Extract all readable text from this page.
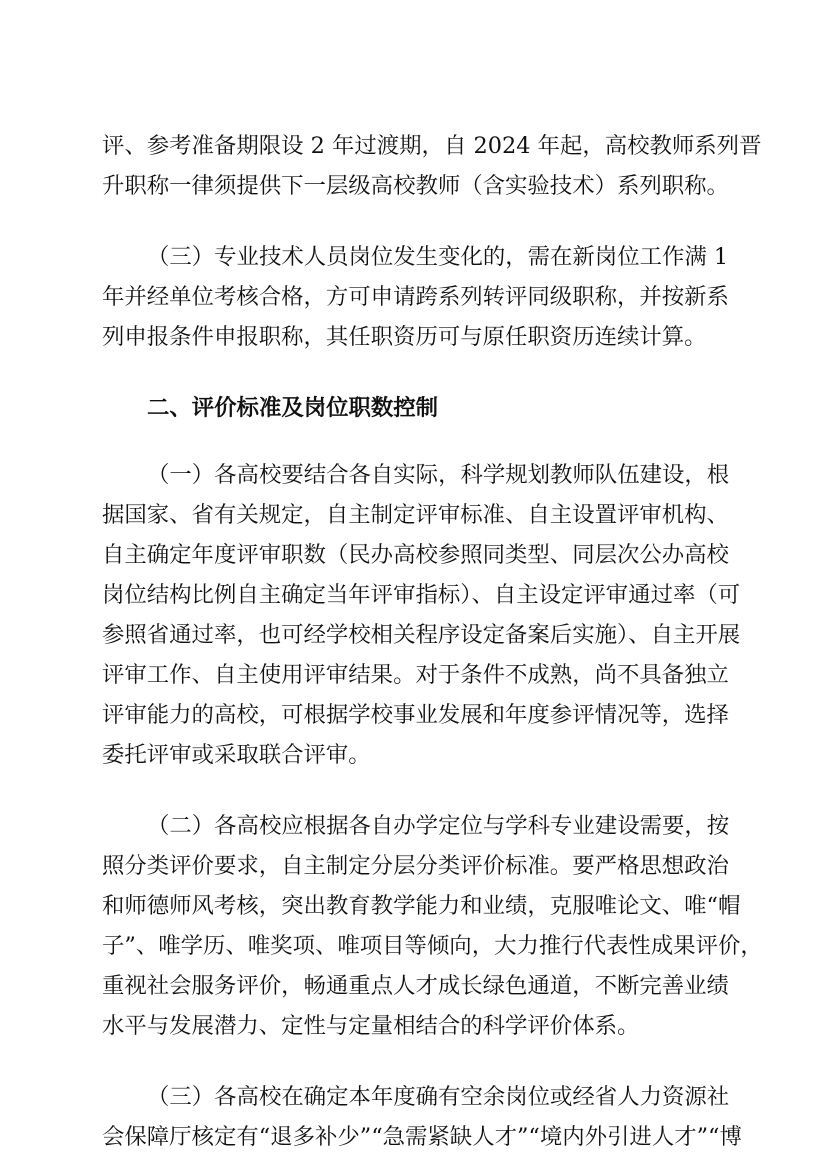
评、参考准备期限设 2 年过渡期，自 2024 年起，高校教师系列晋
升职称一律须提供下一层级高校教师（含实验技术）系列职称。
（三）专业技术人员岗位发生变化的，需在新岗位工作满 1
年并经单位考核合格，方可申请跨系列转评同级职称，并按新系
列申报条件申报职称，其任职资历可与原任职资历连续计算。
二、评价标准及岗位职数控制
（一）各高校要结合各自实际，科学规划教师队伍建设，根
据国家、省有关规定，自主制定评审标准、自主设置评审机构、
自主确定年度评审职数（民办高校参照同类型、同层次公办高校
岗位结构比例自主确定当年评审指标）、自主设定评审通过率（可
参照省通过率，也可经学校相关程序设定备案后实施）、自主开展
评审工作、自主使用评审结果。对于条件不成熟，尚不具备独立
评审能力的高校，可根据学校事业发展和年度参评情况等，选择
委托评审或采取联合评审。
（二）各高校应根据各自办学定位与学科专业建设需要，按
照分类评价要求，自主制定分层分类评价标准。要严格思想政治
和师德师风考核，突出教育教学能力和业绩，克服唯论文、唯“帽
子”、唯学历、唯奖项、唯项目等倾向，大力推行代表性成果评价，
重视社会服务评价，畅通重点人才成长绿色通道，不断完善业绩
水平与发展潜力、定性与定量相结合的科学评价体系。
（三）各高校在确定本年度确有空余岗位或经省人力资源社
会保障厅核定有“退多补少”“急需紧缺人才”“境内外引进人才”“博
